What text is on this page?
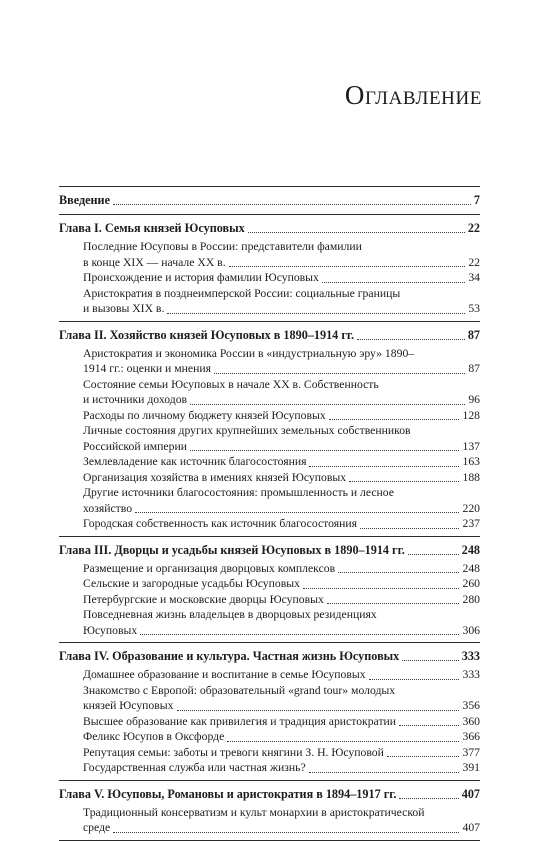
Оглавление
Введение	7
Глава I. Семья князей Юсуповых	22
Последние Юсуповы в России: представители фамилии
в конце XIX — начале XX в.	22
Происхождение и история фамилии Юсуповых	34
Аристократия в позднеимперской России: социальные границы
и вызовы XIX в.	53
Глава II. Хозяйство князей Юсуповых в 1890–1914 гг.	87
Аристократия и экономика России в «индустриальную эру» 1890–
1914 гг.: оценки и мнения	87
Состояние семьи Юсуповых в начале XX в. Собственность
и источники доходов	96
Расходы по личному бюджету князей Юсуповых	128
Личные состояния других крупнейших земельных собственников
Российской империи	137
Землевладение как источник благосостояния	163
Организация хозяйства в имениях князей Юсуповых	188
Другие источники благосостояния: промышленность и лесное
хозяйство	220
Городская собственность как источник благосостояния	237
Глава III. Дворцы и усадьбы князей Юсуповых в 1890–1914 гг.	248
Размещение и организация дворцовых комплексов	248
Сельские и загородные усадьбы Юсуповых	260
Петербургские и московские дворцы Юсуповых	280
Повседневная жизнь владельцев в дворцовых резиденциях
Юсуповых	306
Глава IV. Образование и культура. Частная жизнь Юсуповых	333
Домашнее образование и воспитание в семье Юсуповых	333
Знакомство с Европой: образовательный «grand tour» молодых
князей Юсуповых	356
Высшее образование как привилегия и традиция аристократии	360
Феликс Юсупов в Оксфорде	366
Репутация семьи: заботы и тревоги княгини З. Н. Юсуповой	377
Государственная служба или частная жизнь?	391
Глава V. Юсуповы, Романовы и аристократия в 1894–1917 гг.	407
Традиционный консерватизм и культ монархии в аристократической
среде	407
